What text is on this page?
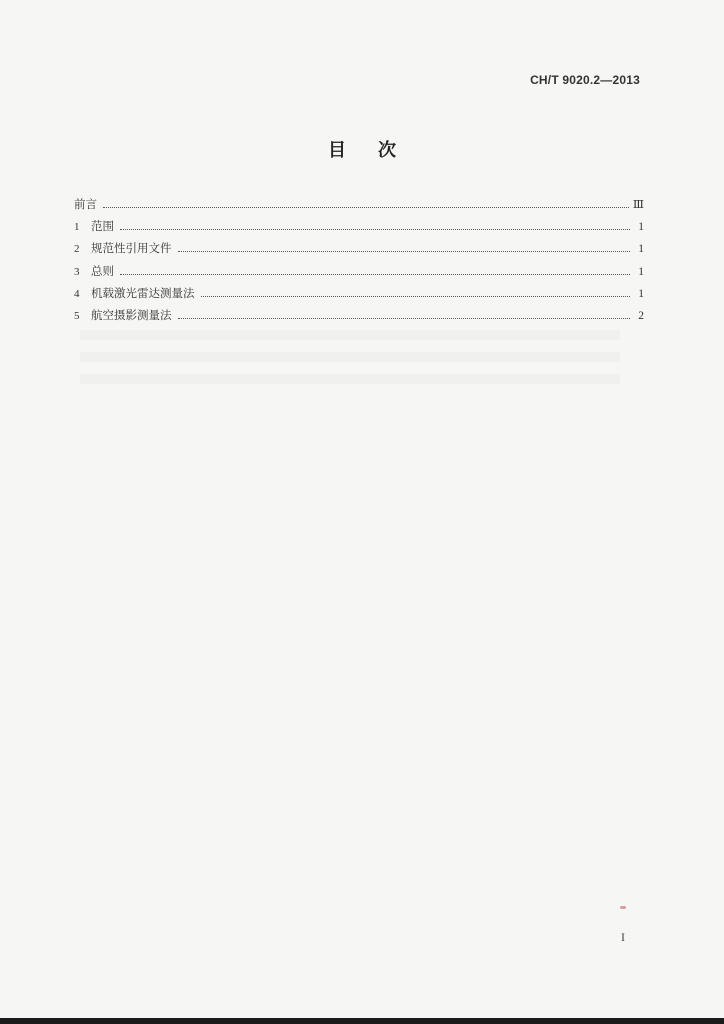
CH/T 9020.2—2013
目 次
前言	Ⅲ
1	范围	1
2	规范性引用文件	1
3	总则	1
4	机载激光雷达测量法	1
5	航空摄影测量法	2
I
